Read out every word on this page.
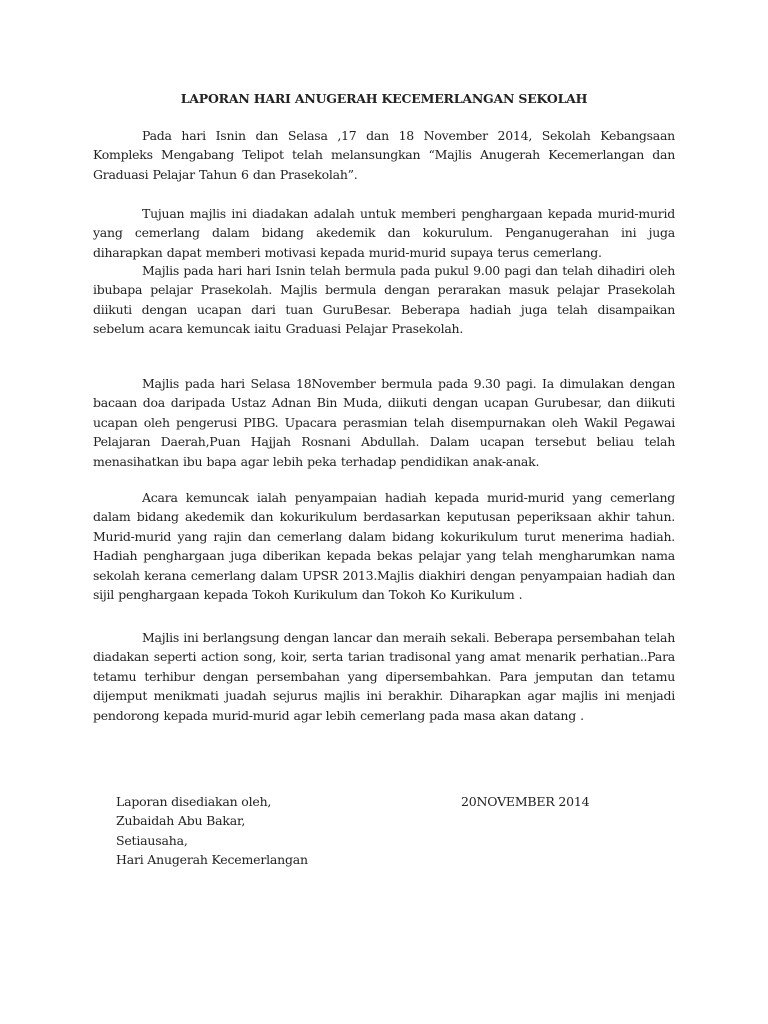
LAPORAN HARI ANUGERAH KECEMERLANGAN SEKOLAH

Pada hari Isnin dan Selasa ,17 dan 18 November 2014, Sekolah Kebangsaan Kompleks Mengabang Telipot telah melansungkan “Majlis Anugerah Kecemerlangan dan Graduasi Pelajar Tahun 6 dan Prasekolah”.

Tujuan majlis ini diadakan adalah untuk memberi penghargaan kepada murid-murid yang cemerlang dalam bidang akedemik dan kokurulum. Penganugerahan ini juga diharapkan dapat memberi motivasi kepada murid-murid supaya terus cemerlang.

Majlis pada hari hari Isnin telah bermula pada pukul 9.00 pagi dan telah dihadiri oleh ibubapa pelajar Prasekolah. Majlis bermula dengan perarakan masuk pelajar Prasekolah diikuti dengan ucapan dari tuan GuruBesar. Beberapa hadiah juga telah disampaikan sebelum acara kemuncak iaitu Graduasi Pelajar Prasekolah.

Majlis pada hari Selasa 18November bermula pada 9.30 pagi. Ia dimulakan dengan bacaan doa daripada Ustaz Adnan Bin Muda, diikuti dengan ucapan Gurubesar, dan diikuti ucapan oleh pengerusi PIBG. Upacara perasmian telah disempurnakan oleh Wakil Pegawai Pelajaran Daerah,Puan Hajjah Rosnani Abdullah. Dalam ucapan tersebut beliau telah menasihatkan ibu bapa agar lebih peka terhadap pendidikan anak-anak.

Acara kemuncak ialah penyampaian hadiah kepada murid-murid yang cemerlang dalam bidang akedemik dan kokurikulum berdasarkan keputusan peperiksaan akhir tahun. Murid-murid yang rajin dan cemerlang dalam bidang kokurikulum turut menerima hadiah. Hadiah penghargaan juga diberikan kepada bekas pelajar yang telah mengharumkan nama sekolah kerana cemerlang dalam UPSR 2013.Majlis diakhiri dengan penyampaian hadiah dan sijil penghargaan kepada Tokoh Kurikulum dan Tokoh Ko Kurikulum .

Majlis ini berlangsung dengan lancar dan meraih sekali. Beberapa persembahan telah diadakan seperti action song, koir, serta tarian tradisonal yang amat menarik perhatian..Para tetamu terhibur dengan persembahan yang dipersembahkan. Para jemputan dan tetamu dijemput menikmati juadah sejurus majlis ini berakhir. Diharapkan agar majlis ini menjadi pendorong kepada murid-murid agar lebih cemerlang pada masa akan datang .

Laporan disediakan oleh,
Zubaidah Abu Bakar,
Setiausaha,
Hari Anugerah Kecemerlangan
20NOVEMBER 2014
